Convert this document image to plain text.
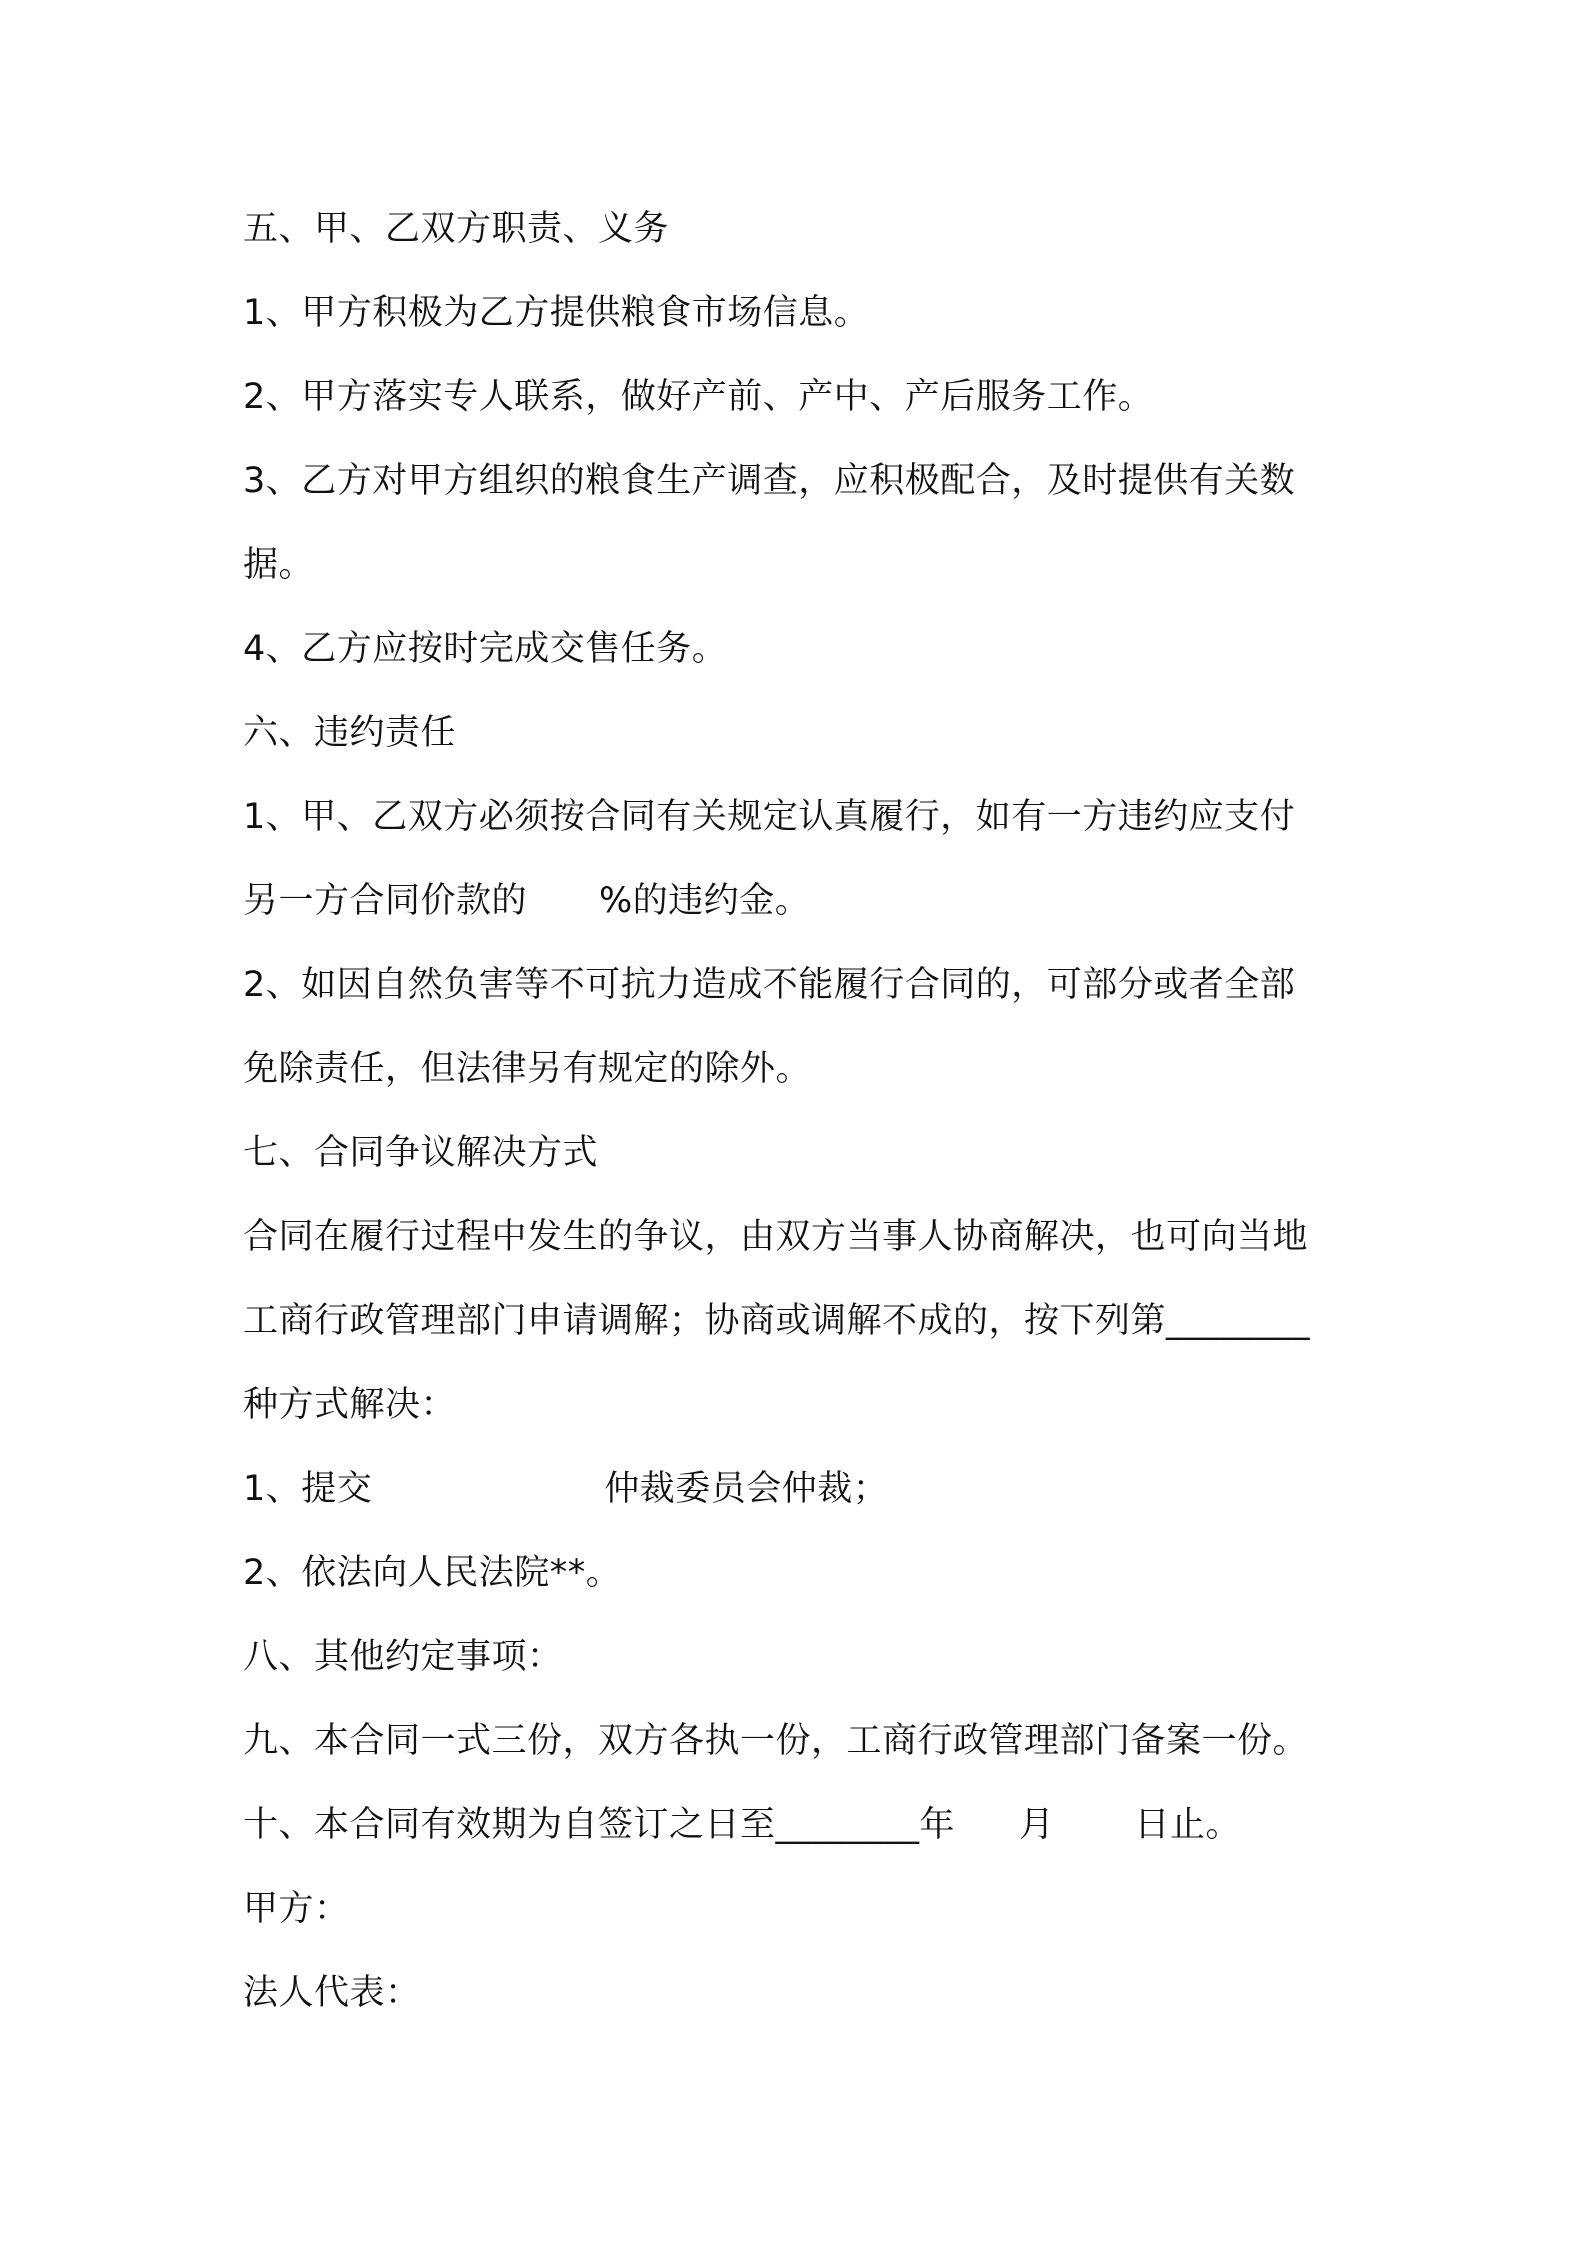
五、甲、乙双方职责、义务
1、甲方积极为乙方提供粮食市场信息。
2、甲方落实专人联系，做好产前、产中、产后服务工作。
3、乙方对甲方组织的粮食生产调查，应积极配合，及时提供有关数
据。
4、乙方应按时完成交售任务。
六、违约责任
1、甲、乙双方必须按合同有关规定认真履行，如有一方违约应支付
另一方合同价款的 %的违约金。
2、如因自然负害等不可抗力造成不能履行合同的，可部分或者全部
免除责任，但法律另有规定的除外。
七、合同争议解决方式
合同在履行过程中发生的争议，由双方当事人协商解决，也可向当地
工商行政管理部门申请调解；协商或调解不成的，按下列第________
种方式解决：
1、提交	仲裁委员会仲裁；
2、依法向人民法院**。
八、其他约定事项：
九、本合同一式三份，双方各执一份，工商行政管理部门备案一份。
十、本合同有效期为自签订之日至________年 月 日止。
甲方：
法人代表：
